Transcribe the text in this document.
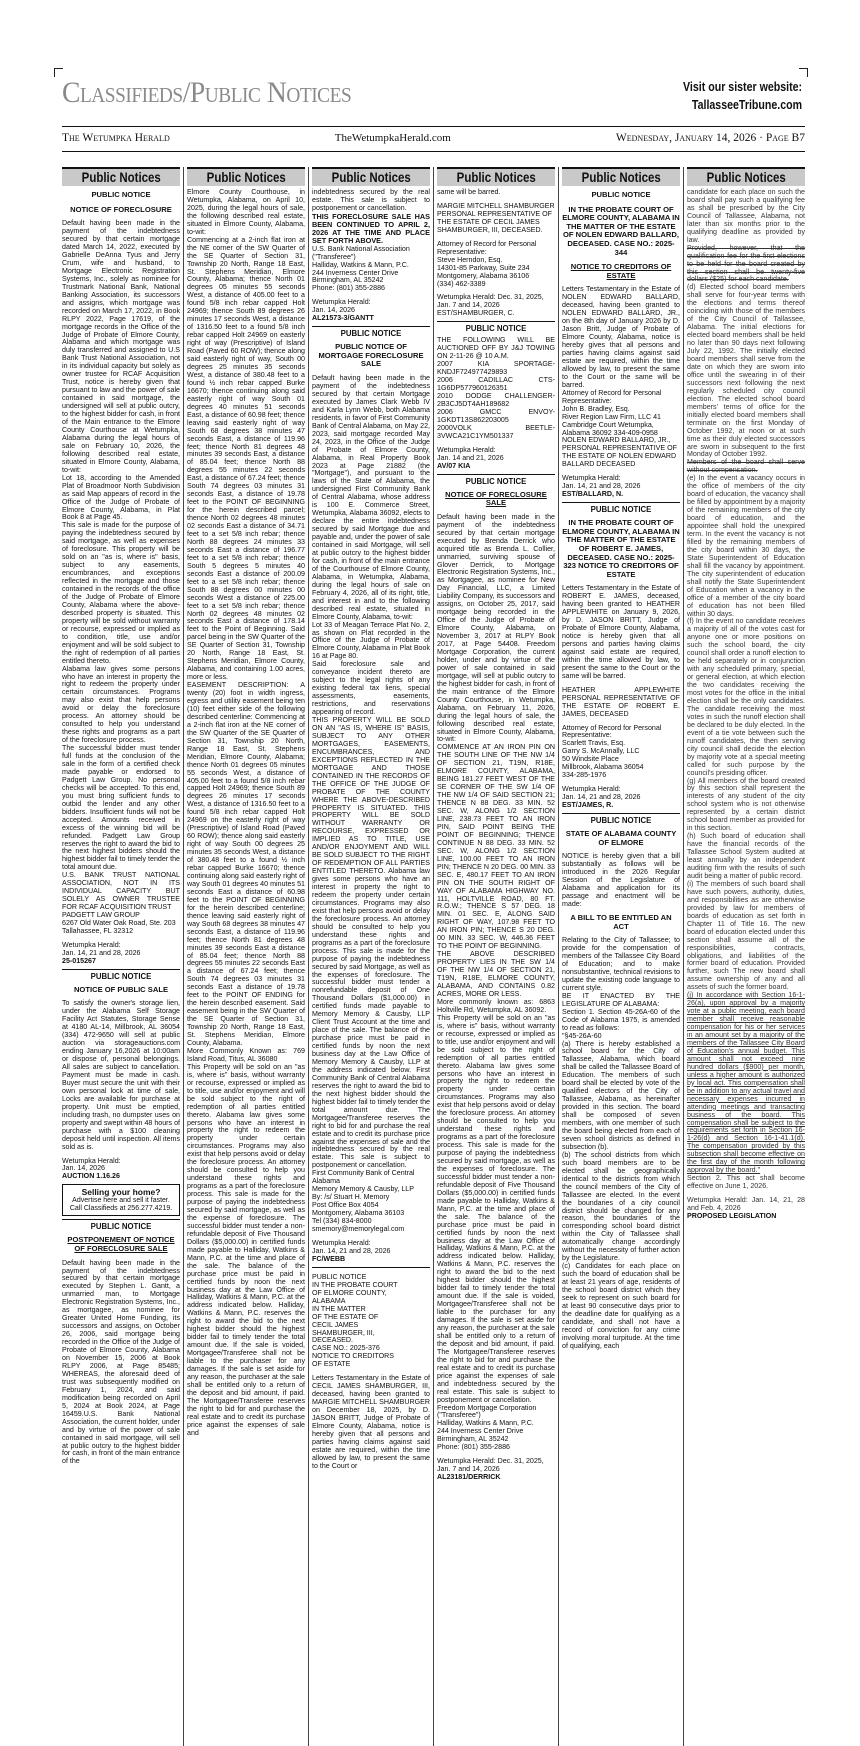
Classifieds/Public Notices	Visit our sister website:
TallasseeTribune.com
The Wetumpka Herald	TheWetumpkaHerald.com	Wednesday, January 14, 2026 · Page B7
Public Notices
PUBLIC NOTICE
NOTICE OF FORECLOSURE
Default having been made in the payment of the indebtedness secured by that certain mortgage dated March 14, 2022, executed by Gabrielle DeAnna Tyus and Jerry Crum, wife and husband, to Mortgage Electronic Registration Systems, Inc., solely as nominee for Trustmark National Bank, National Banking Association, its successors and assigns, which mortgage was recorded on March 17, 2022, in Book RLPY 2022, Page 17619, of the mortgage records in the Office of the Judge of Probate of Elmore County, Alabama and which mortgage was duly transferred and assigned to U.S Bank Trust National Association, not in its individual capacity but solely as owner trustee for RCAF Acquisition Trust, notice is hereby given that pursuant to law and the power of sale contained in said mortgage, the undersigned will sell at public outcry, to the highest bidder for cash, in front of the Main entrance to the Elmore County Courthouse at Wetumpka, Alabama during the legal hours of sale on February 10, 2026, the following described real estate, situated in Elmore County, Alabama, to-wit:
Lot 18, according to the Amended Plat of Broadmoor North Subdivision as said Map appears of record in the Office of the Judge of Probate of Elmore County, Alabama, in Plat Book 8 at Page 45.
This sale is made for the purpose of paying the indebtedness secured by said mortgage, as well as expenses of foreclosure. This property will be sold on an "as is, where is" basis, subject to any easements, encumbrances, and exceptions reflected in the mortgage and those contained in the records of the office of the Judge of Probate of Elmore County, Alabama where the above-described property is situated. This property will be sold without warranty or recourse, expressed or implied as to condition, title, use and/or enjoyment and will be sold subject to the right of redemption of all parties entitled thereto.
Alabama law gives some persons who have an interest in property the right to redeem the property under certain circumstances. Programs may also exist that help persons avoid or delay the foreclosure process. An attorney should be consulted to help you understand these rights and programs as a part of the foreclosure process.
The successful bidder must tender full funds at the conclusion of the sale in the form of a certified check made payable or endorsed to Padgett Law Group. No personal checks will be accepted. To this end, you must bring sufficient funds to outbid the lender and any other bidders. Insufficient funds will not be accepted. Amounts received in excess of the winning bid will be refunded. Padgett Law Group reserves the right to award the bid to the next highest bidders should the highest bidder fail to timely tender the total amount due.
U.S. BANK TRUST NATIONAL ASSOCIATION, NOT IN ITS INDIVIDUAL CAPACITY BUT SOLELY AS OWNER TRUSTEE FOR RCAF ACQUISITION TRUST
PADGETT LAW GROUP
6267 Old Water Oak Road, Ste. 203
Tallahassee, FL 32312
Wetumpka Herald:
Jan. 14, 21 and 28, 2026
25-015267
PUBLIC NOTICE
NOTICE OF PUBLIC SALE
To satisfy the owner's storage lien, under the Alabama Self Storage Facility Act Statutes, Storage Sense at 4180 AL-14, Millbrook, AL 36054 (334) 472-9650 will sell at public auction via storageauctions.com ending January 16,2026 at 10:00am or dispose of, personal belongings. All sales are subject to cancellation. Payment must be made in cash. Buyer must secure the unit with their own personal lock at time of sale, Locks are available for purchase at property. Unit must be emptied, including trash, no dumpster uses on property and swept within 48 hours of purchase with a $100 cleaning deposit held until inspection. All items sold as is.
Wetumpka Herald:
Jan. 14, 2026
AUCTION 1.16.26
Selling your home?
Advertise here and sell it faster.
Call Classifieds at 256.277.4219.
PUBLIC NOTICE
POSTPONEMENT OF NOTICE OF FORECLOSURE SALE
Default having been made in the payment of the indebtedness secured by that certain mortgage executed by Stephen L. Gantt, a unmarried man, to Mortgage Electronic Registration Systems, Inc., as mortgagee, as nominee for Greater United Home Funding, its successors and assigns, on October 26, 2006, said mortgage being recorded in the Office of the Judge of Probate of Elmore County, Alabama on November 15, 2006 at Book RLPY 2006, at Page 85485; WHEREAS, the aforesaid deed of trust was subsequently modified on February 1, 2024, and said modification being recorded on April 5, 2024 at Book 2024, at Page 16459.U.S. Bank National Association, the current holder, under and by virtue of the power of sale contained in said mortgage, will sell at public outcry to the highest bidder for cash, in front of the main entrance of the
Public Notices
Elmore County Courthouse, in Wetumpka, Alabama, on April 10, 2025, during the legal hours of sale, the following described real estate, situated in Elmore County, Alabama, to-wit:
Commencing at a 2-inch flat iron at the NE corner of the SW Quarter of the SE Quarter of Section 31, Township 20 North, Range 18 East, St. Stephens Meridian, Elmore County, Alabama; thence North 01 degrees 05 minutes 55 seconds West, a distance of 405.00 feet to a found 5/8 inch rebar capped Holt 24969; thence South 89 degrees 26 minutes 17 seconds West, a distance of 1316.50 feet to a found 5/8 inch rebar capped Holt 24969 on easterly right of way (Prescriptive) of Island Road (Paved 60 ROW); thence along said easterly right of way, South 00 degrees 25 minutes 35 seconds West, a distance of 380.48 feet to a found ½ inch rebar capped Burke 16670; thence continuing along said easterly right of way South 01 degrees 40 minutes 51 seconds East, a distance of 60.98 feet; thence leaving said easterly right of way South 68 degrees 38 minutes 47 seconds East, a distance of 119.96 feet; thence North 81 degrees 48 minutes 39 seconds East, a distance of 85.04 feet; thence North 88 degrees 55 minutes 22 seconds East, a distance of 67.24 feet; thence South 74 degrees 03 minutes 31 seconds East, a distance of 19.78 feet to the POINT OF BEGINNING for the herein described parcel; thence North 02 degrees 48 minutes 02 seconds East a distance of 34.71 feet to a set 5/8 inch rebar; thence North 88 degrees 24 minutes 33 seconds East a distance of 196.77 feet to a set 5/8 inch rebar; thence South 5 degrees 5 minutes 40 seconds East a distance of 200.09 feet to a set 5/8 inch rebar; thence South 88 degrees 00 minutes 00 seconds West a distance of 225.00 feet to a set 5/8 inch rebar; thence North 02 degrees 48 minutes 02 seconds East a distance of 178.14 feet to the Point of Beginning. Said parcel being in the SW Quarter of the SE Quarter of Section 31, Township 20 North, Range 18 East, St. Stephens Meridian, Elmore County, Alabama, and containing 1.00 acres, more or less.
EASEMENT DESCRIPTION: A twenty (20) foot in width ingress, egress and utility easement being ten (10) feet either side of the following described centerline: Commencing at a 2-inch flat iron at the NE corner of the SW Quarter of the SE Quarter of Section 31, Township 20 North, Range 18 East, St. Stephens Meridian, Elmore County, Alabama; thence North 01 degrees 05 minutes 55 seconds West, a distance of 405.00 feet to a found 5/8 inch rebar capped Holt 24969; thence South 89 degrees 26 minutes 17 seconds West, a distance of 1316.50 feet to a found 5/8 inch rebar capped Holt 24969 on the easterly right of way (Prescriptive) of Island Road (Paved 60 ROW); thence along said easterly right of way South 00 degrees 25 minutes 35 seconds West, a distance of 380.48 feet to a found ½ inch rebar capped Burke 16670; thence continuing along said easterly right of way South 01 degrees 40 minutes 51 seconds East a distance of 60.98 feet to the POINT OF BEGINNING for the herein described centerline; thence leaving said easterly right of way South 68 degrees 38 minutes 47 seconds East, a distance of 119.96 feet; thence North 81 degrees 48 minutes 39 seconds East a distance of 85.04 feet; thence North 88 degrees 55 minutes 22 seconds East a distance of 67.24 feet; thence South 74 degrees 03 minutes 31 seconds East a distance of 19.78 feet to the POINT OF ENDING for the herein described easement. Said easement being in the SW Quarter of the SE Quarter of Section 31, Township 20 North, Range 18 East, St. Stephens Meridian, Elmore County, Alabama.
More Commonly Known as: 769 Island Road, Titus, AL 36080
This Property will be sold on an "as is, where is" basis, without warranty or recourse, expressed or implied as to title, use and/or enjoyment and will be sold subject to the right of redemption of all parties entitled thereto. Alabama law gives some persons who have an interest in property the right to redeem the property under certain circumstances. Programs may also exist that help persons avoid or delay the foreclosure process. An attorney should be consulted to help you understand these rights and programs as a part of the foreclosure process. This sale is made for the purpose of paying the indebtedness secured by said mortgage, as well as the expense of foreclosure. The successful bidder must tender a non-refundable deposit of Five Thousand Dollars ($5,000.00) in certified funds made payable to Halliday, Watkins & Mann, P.C. at the time and place of the sale. The balance of the purchase price must be paid in certified funds by noon the next business day at the Law Office of Halliday, Watkins & Mann, P.C. at the address indicated below. Halliday, Watkins & Mann, P.C. reserves the right to award the bid to the next highest bidder should the highest bidder fail to timely tender the total amount due. If the sale is voided, Mortgagee/Transferee shall not be liable to the purchaser for any damages. If the sale is set aside for any reason, the purchaser at the sale shall be entitled only to a return of the deposit and bid amount, if paid. The Mortgagee/Transferee reserves the right to bid for and purchase the real estate and to credit its purchase price against the expenses of sale and
Public Notices
indebtedness secured by the real estate. This sale is subject to postponement or cancellation.
THIS FORECLOSURE SALE HAS BEEN CONTINUED TO APRIL 2, 2026 AT THE TIME AND PLACE SET FORTH ABOVE.
U.S. Bank National Association ("Transferee")
Halliday, Watkins & Mann, P.C.
244 Inverness Center Drive
Birmingham, AL 35242
Phone: (801) 355-2886
Wetumpka Herald:
Jan. 14, 2026
AL21573-3/GANTT
PUBLIC NOTICE
PUBLIC NOTICE OF MORTGAGE FORECLOSURE SALE
Default having been made in the payment of the indebtedness secured by that certain Mortgage executed by James Clark Webb IV and Karla Lynn Webb, both Alabama residents, in favor of First Community Bank of Central Alabama, on May 22, 2023, said mortgage recorded May 24, 2023, in the Office of the Judge of Probate of Elmore County, Alabama, in Real Property Book 2023 at Page 21882 (the "Mortgage"), and pursuant to the laws of the State of Alabama, the undersigned First Community Bank of Central Alabama, whose address is 100 E. Commerce Street, Wetumpka, Alabama 36092, elects to declare the entire indebtedness secured by said Mortgage due and payable and, under the power of sale contained in said Mortgage, will sell at public outcry to the highest bidder for cash, in front of the main entrance of the Courthouse of Elmore County, Alabama, in Wetumpka, Alabama, during the legal hours of sale on February 4, 2026, all of its right, title, and interest in and to the following described real estate, situated in Elmore County, Alabama, to-wit:
Lot 33 of Meagan Terrace Plat No. 2, as shown on Plat recorded in the Office of the Judge of Probate of Elmore County, Alabama in Plat Book 16 at Page 80.
Said foreclosure sale and conveyance incident thereto are subject to the legal rights of any existing federal tax liens, special assessments, easements, restrictions, and reservations appearing of record.
THIS PROPERTY WILL BE SOLD ON AN "AS IS, WHERE IS" BASIS, SUBJECT TO ANY OTHER MORTGAGES, EASEMENTS, ENCUMBRANCES, AND EXCEPTIONS REFLECTED IN THE MORTGAGE AND THOSE CONTAINED IN THE RECORDS OF THE OFFICE OF THE JUDGE OF PROBATE OF THE COUNTY WHERE THE ABOVE-DESCRIBED PROPERTY IS SITUATED. THIS PROPERTY WILL BE SOLD WITHOUT WARRANTY OR RECOURSE, EXPRESSED OR IMPLIED AS TO TITLE, USE AND/OR ENJOYMENT AND WILL BE SOLD SUBJECT TO THE RIGHT OF REDEMPTION OF ALL PARTIES ENTITLED THERETO. Alabama law gives some persons who have an interest in property the right to redeem the property under certain circumstances. Programs may also exist that help persons avoid or delay the foreclosure process. An attorney should be consulted to help you understand these rights and programs as a part of the foreclosure process. This sale is made for the purpose of paying the indebtedness secured by said Mortgage, as well as the expenses of foreclosure. The successful bidder must tender a nonrefundable deposit of One Thousand Dollars ($1,000.00) in certified funds made payable to Memory Memory & Causby, LLP Client Trust Account at the time and place of the sale. The balance of the purchase price must be paid in certified funds by noon the next business day at the Law Office of Memory Memory & Causby, LLP at the address indicated below. First Community Bank of Central Alabama reserves the right to award the bid to the next highest bidder should the highest bidder fail to timely tender the total amount due. The Mortgagee/Transferee reserves the right to bid for and purchase the real estate and to credit its purchase price against the expenses of sale and the indebtedness secured by the real estate. This sale is subject to postponement or cancellation.
First Community Bank of Central Alabama
Memory Memory & Causby, LLP
By: /s/ Stuart H. Memory
Post Office Box 4054
Montgomery, Alabama 36103
Tel (334) 834-8000
smemory@memorylegal.com
Wetumpka Herald:
Jan. 14, 21 and 28, 2026
FC/WEBB
PUBLIC NOTICE
IN THE PROBATE COURT
OF ELMORE COUNTY,
ALABAMA
IN THE MATTER
OF THE ESTATE OF
CECIL JAMES
SHAMBURGER, III,
DECEASED.
CASE NO.: 2025-376
NOTICE TO CREDITORS
OF ESTATE
Letters Testamentary in the Estate of CECIL JAMES SHAMBURGER, III, deceased, having been granted to MARGIE MITCHELL SHAMBURGER on December 18, 2025, by D. JASON BRITT, Judge of Probate of Elmore County, Alabama, notice is hereby given that all persons and parties having claims against said estate are required, within the time allowed by law, to present the same to the Court or
Public Notices
same will be barred.
MARGIE MITCHELL SHAMBURGER PERSONAL REPRESENTATIVE OF THE ESTATE OF CECIL JAMES SHAMBURGER, III, DECEASED.
Attorney of Record for Personal Representative:
Steve Herndon, Esq.
14301-85 Parkway, Suite 234
Montgomery, Alabama 36106
(334) 462-3389
Wetumpka Herald: Dec. 31, 2025, Jan. 7 and 14, 2026
EST/SHAMBURGER, C.
PUBLIC NOTICE
THE FOLLOWING WILL BE AUCTIONED OFF BY J&J TOWING ON 2-11-26 @ 10 A.M.
2007 KIA SPORTAGE- KNDJF724977429893
2006 CADILLAC CTS- 1G6DP577960126351
2010 DODGE CHALLENGER- 2B3CJ5DT4AH189682
2006 GMCC ENVOY- 1GKDT13S862203005
2000VOLK BEETLE- 3VWCA21C1YM501337
Wetumpka Herald:
Jan. 14 and 21, 2026
AV/07 KIA
PUBLIC NOTICE
NOTICE OF FORECLOSURE SALE
Default having been made in the payment of the indebtedness secured by that certain mortgage executed by Brenda Derrick who acquired title as Brenda L. Collier, unmarried, surviving spouse of Glover Derrick, to Mortgage Electronic Registration Systems, Inc., as Mortgagee, as nominee for New Day Financial, LLC, a Limited Liability Company, its successors and assigns, on October 25, 2017, said mortgage being recorded in the Office of the Judge of Probate of Elmore County, Alabama, on November 3, 2017 at RLPY Book 2017, at Page 54408. Freedom Mortgage Corporation, the current holder, under and by virtue of the power of sale contained in said mortgage, will sell at public outcry to the highest bidder for cash, in front of the main entrance of the Elmore County Courthouse, in Wetumpka, Alabama, on February 11, 2026, during the legal hours of sale, the following described real estate, situated in Elmore County, Alabama, to-wit:
COMMENCE AT AN IRON PIN ON THE SOUTH LINE OF THE NW 1/4 OF SECTION 21, T19N, R18E, ELMORE COUNTY, ALABAMA, BEING 181.27 FEET WEST OF THE SE CORNER OF THE SW 1/4 OF THE NW 1/4 OF SAID SECTION 21; THENCE N 88 DEG. 33 MIN. 52 SEC. W, ALONG 1/2 SECTION LINE, 238.73 FEET TO AN IRON PIN, SAID POINT BEING THE POINT OF BEGINNING; THENCE CONTINUE N 88 DEG. 33 MIN. 52 SEC. W, ALONG 1/2 SECTION LINE, 100.00 FEET TO AN IRON PIN; THENCE N 20 DEG. 00 MIN. 33 SEC. E, 480.17 FEET TO AN IRON PIN ON THE SOUTH RIGHT OF WAY OF ALABAMA HIGHWAY NO. 111, HOLTVILLE ROAD, 80 FT. R.O.W.; THENCE S 57 DEG. 18 MIN. 01 SEC. E, ALONG SAID RIGHT OF WAY, 107.98 FEET TO AN IRON PIN; THENCE S 20 DEG. 00 MIN. 33 SEC. W, 446.36 FEET TO THE POINT OF BEGINNING.
THE ABOVE DESCRIBED PROPERTY LIES IN THE SW 1/4 OF THE NW 1/4 OF SECTION 21, T19N, R18E, ELMORE COUNTY, ALABAMA, AND CONTAINS 0.82 ACRES, MORE OR LESS.
More commonly known as: 6863 Holtville Rd, Wetumpka, AL 36092.
This Property will be sold on an "as is, where is" basis, without warranty or recourse, expressed or implied as to title, use and/or enjoyment and will be sold subject to the right of redemption of all parties entitled thereto. Alabama law gives some persons who have an interest in property the right to redeem the property under certain circumstances. Programs may also exist that help persons avoid or delay the foreclosure process. An attorney should be consulted to help you understand these rights and programs as a part of the foreclosure process. This sale is made for the purpose of paying the indebtedness secured by said mortgage, as well as the expenses of foreclosure. The successful bidder must tender a non-refundable deposit of Five Thousand Dollars ($5,000.00) in certified funds made payable to Halliday, Watkins & Mann, P.C. at the time and place of the sale. The balance of the purchase price must be paid in certified funds by noon the next business day at the Law Office of Halliday, Watkins & Mann, P.C. at the address indicated below. Halliday, Watkins & Mann, P.C. reserves the right to award the bid to the next highest bidder should the highest bidder fail to timely tender the total amount due. If the sale is voided, Mortgagee/Transferee shall not be liable to the purchaser for any damages. If the sale is set aside for any reason, the purchaser at the sale shall be entitled only to a return of the deposit and bid amount, if paid. The Mortgagee/Transferee reserves the right to bid for and purchase the real estate and to credit its purchase price against the expenses of sale and indebtedness secured by the real estate. This sale is subject to postponement or cancellation.
Freedom Mortgage Corporation ("Transferee")
Halliday, Watkins & Mann, P.C.
244 Inverness Center Drive
Birmingham, AL 35242
Phone: (801) 355-2886
Wetumpka Herald: Dec. 31, 2025, Jan. 7 and 14, 2026
AL23181/DERRICK
Public Notices
PUBLIC NOTICE
IN THE PROBATE COURT OF ELMORE COUNTY, ALABAMA IN THE MATTER OF THE ESTATE OF NOLEN EDWARD BALLARD, DECEASED. CASE NO.: 2025-344
NOTICE TO CREDITORS OF ESTATE
Letters Testamentary in the Estate of NOLEN EDWARD BALLARD, deceased, having been granted to NOLEN EDWARD BALLARD, JR., on the 8th day of January 2026 by D. Jason Britt, Judge of Probate of Elmore County, Alabama, notice is hereby gives that all persons and parties having claims against said estate are required, within the time allowed by law, to present the same to the Court or the same will be barred.
Attorney of Record for Personal Representative:
John B. Bradley, Esq.
River Region Law Firm, LLC 41 Cambridge Court Wetumpka, Alabama 36092 334-409-0958
NOLEN EDWARD BALLARD, JR.,
PERSONAL REPRESENTATIVE OF THE ESTATE OF NOLEN EDWARD BALLARD DECEASED
Wetumpka Herald:
Jan. 14, 21 and 28, 2026
EST/BALLARD, N.
PUBLIC NOTICE
IN THE PROBATE COURT OF ELMORE COUNTY, ALABAMA IN THE MATTER OF THE ESTATE OF ROBERT E. JAMES, DECEASED. CASE NO.: 2025-323 NOTICE TO CREDITORS OF ESTATE
Letters Testamentary in the Estate of ROBERT E. JAMES, deceased, having been granted to HEATHER APPLEWHITE on January 9, 2026, by D. JASON BRITT, Judge of Probate of Elmore County, Alabama, notice is hereby given that all persons and parties having claims against said estate are required, within the time allowed by law, to present the same to the Court or the same will be barred.
HEATHER APPLEWHITE PERSONAL REPRESENTATIVE OF THE ESTATE OF ROBERT E. JAMES, DECEASED
Attorney of Record for Personal Representative:
Scarlett Travis, Esq.
Garry S. McAnnally, LLC
50 Windsite Place
Millbrook, Alabama 36054
334-285-1976
Wetumpka Herald:
Jan. 14, 21 and 28, 2026
EST/JAMES, R.
PUBLIC NOTICE
STATE OF ALABAMA COUNTY OF ELMORE
NOTICE is hereby given that a bill substantially as follows will be introduced in the 2026 Regular Session of the Legislature of Alabama and application for its passage and enactment will be made:
A BILL TO BE ENTITLED AN ACT
Relating to the City of Tallassee; to provide for the compensation of members of the Tallassee City Board of Education; and to make nonsubstantive, technical revisions to update the existing code language to current style.
BE IT ENACTED BY THE LEGISLATURE OF ALABAMA:
Section 1. Section 45-26A-60 of the Code of Alabama 1975, is amended to read as follows:
"§45-26A-60
(a) There is hereby established a school board for the City of Tallassee, Alabama, which board shall be called the Tallassee Board of Education. The members of such board shall be elected by vote of the qualified electors of the City of Tallassee, Alabama, as hereinafter provided in this section. The board shall be composed of seven members, with one member of such the board being elected from each of seven school districts as defined in subsection (b).
(b) The school districts from which such board members are to be elected shall be geographically identical to the districts from which the council members of the City of Tallassee are elected. In the event the boundaries of a city council district should be changed for any reason, the boundaries of the corresponding school board district within the City of Tallassee shall automatically change accordingly without the necessity of further action by the Legislature.
(c) Candidates for each place on such the board of education shall be at least 21 years of age, residents of the school board district which they seek to represent on such board for at least 90 consecutive days prior to the deadline date for qualifying as a candidate, and shall not have a record of conviction for any crime involving moral turpitude. At the time of qualifying, each
Public Notices
candidate for each place on such the board shall pay such a qualifying fee as shall be prescribed by the City Council of Tallassee, Alabama, not later than six months prior to the qualifying deadline as provided by law.
Provided, however, that the qualification fee for the first elections to be held for the board created by this section shall be twenty-five dollars ($25) for each candidate.
(d) Elected school board members shall serve for four-year terms with the elections and terms thereof coinciding with those of the members of the City Council of Tallassee, Alabama. The initial elections for elected board members shall be held no later than 90 days next following July 22, 1992. The initially elected board members shall serve from the date on which they are sworn into office until the swearing in of their successors next following the next regularly scheduled city council election. The elected school board members' terms of office for the initially elected board members shall terminate on the first Monday of October 1992, at noon or at such time as their duly elected successors are sworn in subsequent to the first Monday of October 1992.
Members of the board shall serve without compensation.
(e) In the event a vacancy occurs in the office of members of the city board of education, the vacancy shall be filled by appointment by a majority of the remaining members of the city board of education, and the appointee shall hold the unexpired term. In the event the vacancy is not filled by the remaining members of the city board within 30 days, the State Superintendent of Education shall fill the vacancy by appointment. The city superintendent of education shall notify the State Superintendent of Education when a vacancy in the office of a member of the city board of education has not been filled within 30 days.
(f) In the event no candidate receives a majority of all of the votes cast for anyone one or more positions on such the school board, the city council shall order a runoff election to be held separately or in conjunction with any scheduled primary, special, or general election, at which election the two candidates receiving the most votes for the office in the initial election shall be the only candidates. The candidate receiving the most votes in such the runoff election shall be declared to be duly elected. In the event of a tie vote between such the runoff candidates, the then serving city council shall decide the election by majority vote at a special meeting called for such purpose by the council's presiding officer.
(g) All members of the board created by this section shall represent the interests of any student of the city school system who is not otherwise represented by a certain district school board member as provided for in this section.
(h) Such board of education shall have the financial records of the Tallassee School System audited at least annually by an independent auditing firm with the results of such audit being a matter of public record.
(i) The members of such board shall have such powers, authority, duties, and responsibilities as are otherwise provided by law for members of boards of education as set forth in Chapter 11 of Title 16. The new board of education elected under this section shall assume all of the responsibilities, contracts, obligations, and liabilities of the former board of education. Provided further, such The new board shall assume ownership of any and all assets of such the former board.
(j) In accordance with Section 16-1-26(a), upon approval by a majority vote at a public meeting, each board member shall receive reasonable compensation for his or her services in an amount set by a majority of the members of the Tallassee City Board of Education's annual budget. This amount shall not exceed nine hundred dollars ($900) per month, unless a higher amount is authorized by local act. This compensation shall be in addition to any actual travel and necessary expenses incurred in attending meetings and transacting business of the board. This compensation shall be subject to the requirements set forth in Section 16-1-26(d) and Section 16-1-41.1(d). The compensation provided by this subsection shall become effective on the first day of the month following approval by the board."
Section 2. This act shall become effective on June 1, 2026.
Wetumpka Herald: Jan. 14, 21, 28 and Feb. 4, 2026
PROPOSED LEGISLATION
